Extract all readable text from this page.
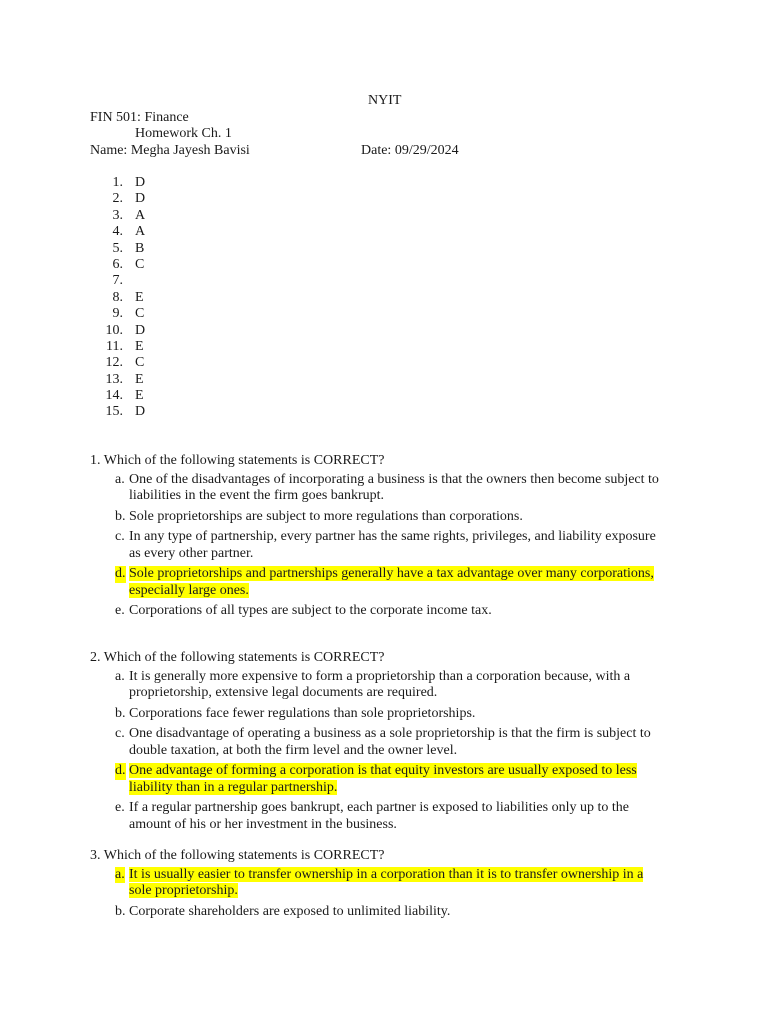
NYIT
FIN 501: Finance
Homework Ch. 1
Name: Megha Jayesh Bavisi	Date: 09/29/2024
1. D
2. D
3. A
4. A
5. B
6. C
7.
8. E
9. C
10. D
11. E
12. C
13. E
14. E
15. D
1. Which of the following statements is CORRECT?
a. One of the disadvantages of incorporating a business is that the owners then become subject to liabilities in the event the firm goes bankrupt.
b. Sole proprietorships are subject to more regulations than corporations.
c. In any type of partnership, every partner has the same rights, privileges, and liability exposure as every other partner.
d. Sole proprietorships and partnerships generally have a tax advantage over many corporations, especially large ones.
e. Corporations of all types are subject to the corporate income tax.
2. Which of the following statements is CORRECT?
a. It is generally more expensive to form a proprietorship than a corporation because, with a proprietorship, extensive legal documents are required.
b. Corporations face fewer regulations than sole proprietorships.
c. One disadvantage of operating a business as a sole proprietorship is that the firm is subject to double taxation, at both the firm level and the owner level.
d. One advantage of forming a corporation is that equity investors are usually exposed to less liability than in a regular partnership.
e. If a regular partnership goes bankrupt, each partner is exposed to liabilities only up to the amount of his or her investment in the business.
3. Which of the following statements is CORRECT?
a. It is usually easier to transfer ownership in a corporation than it is to transfer ownership in a sole proprietorship.
b. Corporate shareholders are exposed to unlimited liability.
